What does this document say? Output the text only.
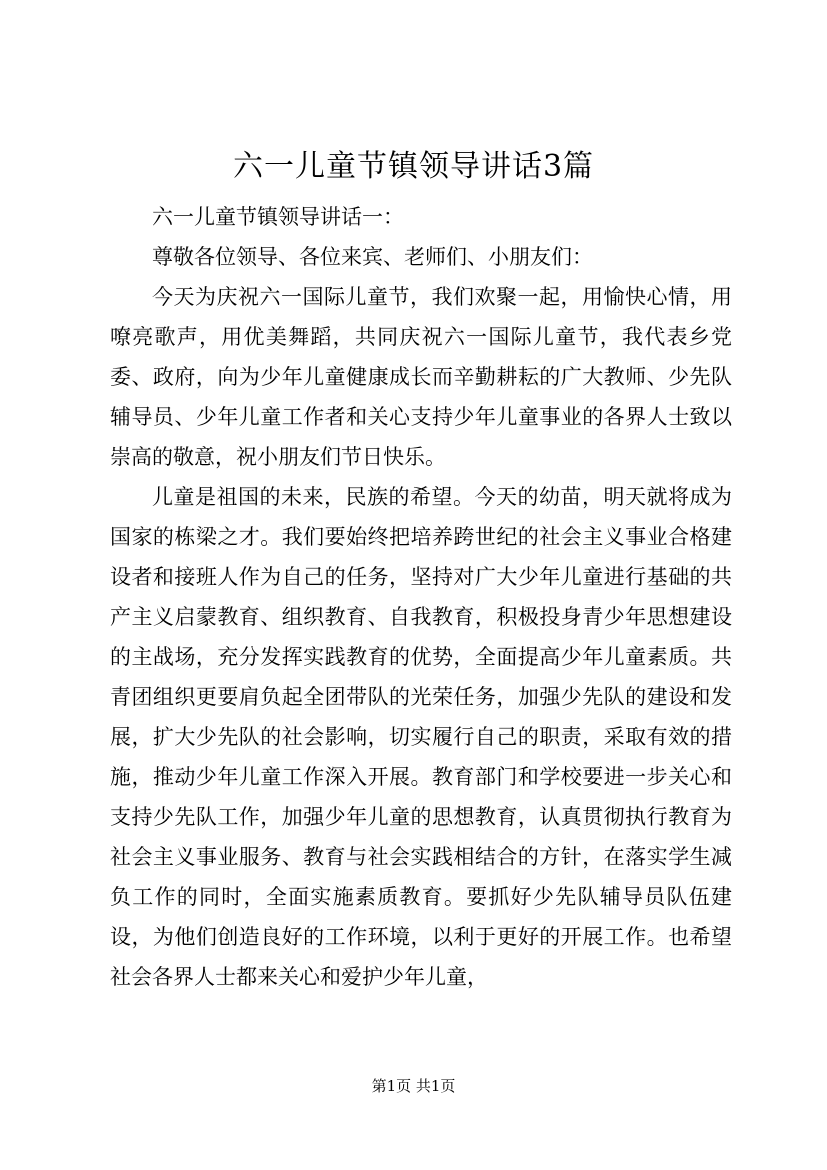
六一儿童节镇领导讲话3篇

六一儿童节镇领导讲话一：

尊敬各位领导、各位来宾、老师们、小朋友们：

今天为庆祝六一国际儿童节，我们欢聚一起，用愉快心情，用嘹亮歌声，用优美舞蹈，共同庆祝六一国际儿童节，我代表乡党委、政府，向为少年儿童健康成长而辛勤耕耘的广大教师、少先队辅导员、少年儿童工作者和关心支持少年儿童事业的各界人士致以崇高的敬意，祝小朋友们节日快乐。

儿童是祖国的未来，民族的希望。今天的幼苗，明天就将成为国家的栋梁之才。我们要始终把培养跨世纪的社会主义事业合格建设者和接班人作为自己的任务，坚持对广大少年儿童进行基础的共产主义启蒙教育、组织教育、自我教育，积极投身青少年思想建设的主战场，充分发挥实践教育的优势，全面提高少年儿童素质。共青团组织更要肩负起全团带队的光荣任务，加强少先队的建设和发展，扩大少先队的社会影响，切实履行自己的职责，采取有效的措施，推动少年儿童工作深入开展。教育部门和学校要进一步关心和支持少先队工作，加强少年儿童的思想教育，认真贯彻执行教育为社会主义事业服务、教育与社会实践相结合的方针，在落实学生减负工作的同时，全面实施素质教育。要抓好少先队辅导员队伍建设，为他们创造良好的工作环境，以利于更好的开展工作。也希望社会各界人士都来关心和爱护少年儿童，

第1页 共1页
